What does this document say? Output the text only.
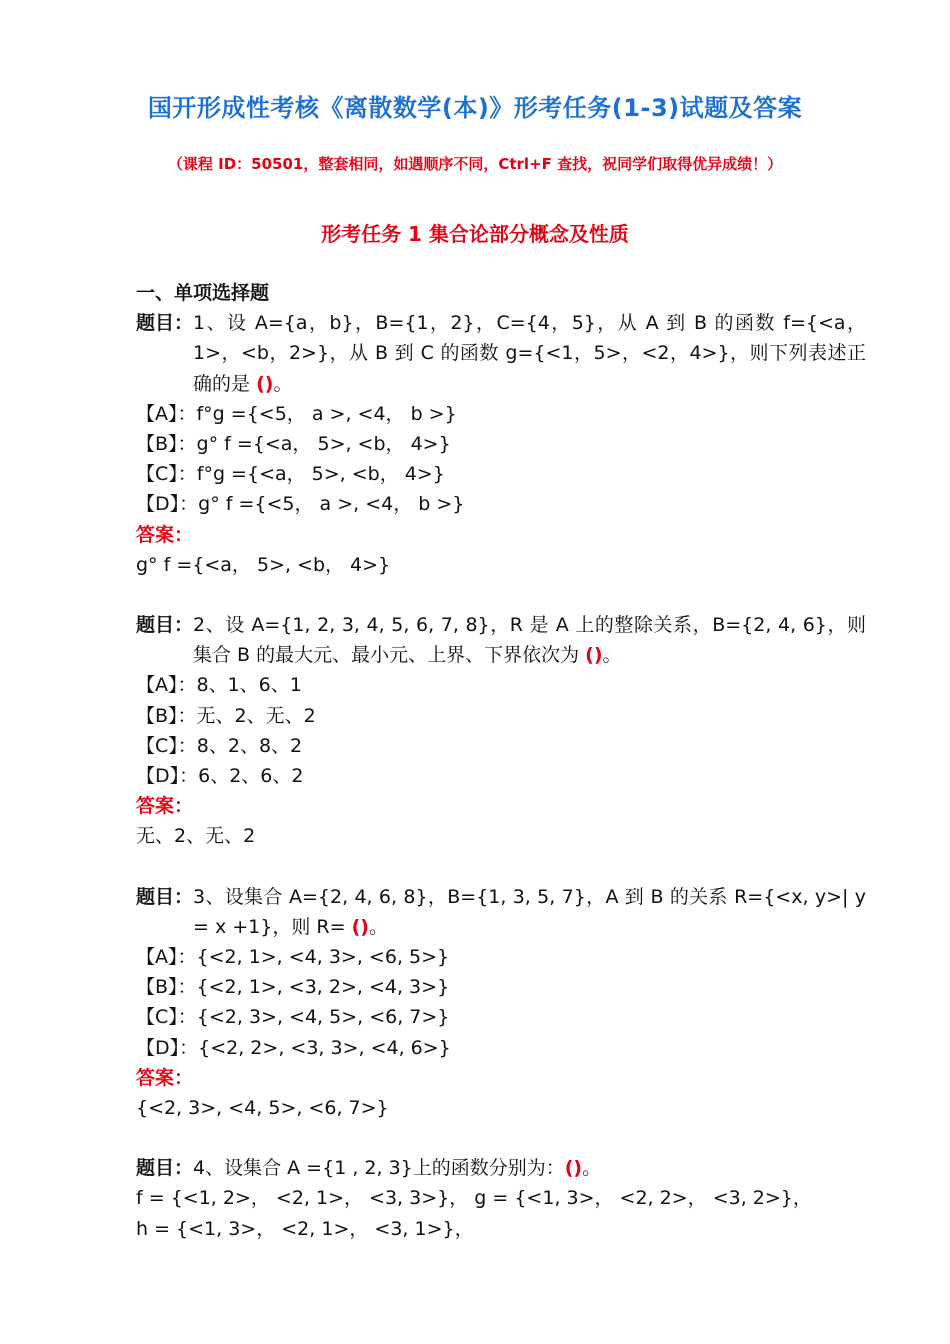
国开形成性考核《离散数学(本)》形考任务(1-3)试题及答案
（课程 ID：50501，整套相同，如遇顺序不同，Ctrl+F 查找，祝同学们取得优异成绩！）
形考任务 1 集合论部分概念及性质
一、单项选择题
题目： 1、设 A={a，b}，B={1，2}，C={4，5}，从 A 到 B 的函数 f={<a，1>，<b，2>}，从 B 到 C 的函数 g={<1，5>，<2，4>}，则下列表述正确的是 ()。
【A】：f°g ={<5， a >, <4， b >}
【B】：g° f ={<a， 5>, <b， 4>}
【C】：f°g ={<a， 5>, <b， 4>}
【D】：g° f ={<5， a >, <4， b >}
答案：
g° f ={<a， 5>, <b， 4>}
题目： 2、设 A={1, 2, 3, 4, 5, 6, 7, 8}，R 是 A 上的整除关系，B={2, 4, 6}，则集合 B 的最大元、最小元、上界、下界依次为 ()。
【A】：8、1、6、1
【B】：无、2、无、2
【C】：8、2、8、2
【D】：6、2、6、2
答案：
无、2、无、2
题目： 3、设集合 A={2, 4, 6, 8}，B={1, 3, 5, 7}，A 到 B 的关系 R={<x, y>| y = x +1}，则 R= ()。
【A】：{<2, 1>, <4, 3>, <6, 5>}
【B】：{<2, 1>, <3, 2>, <4, 3>}
【C】：{<2, 3>, <4, 5>, <6, 7>}
【D】：{<2, 2>, <3, 3>, <4, 6>}
答案：
{<2, 3>, <4, 5>, <6, 7>}
题目： 4、设集合 A ={1 , 2, 3}上的函数分别为：()。
f = {<1, 2>， <2, 1>， <3, 3>}， g = {<1, 3>， <2, 2>， <3, 2>}，
h = {<1, 3>， <2, 1>， <3, 1>}，
